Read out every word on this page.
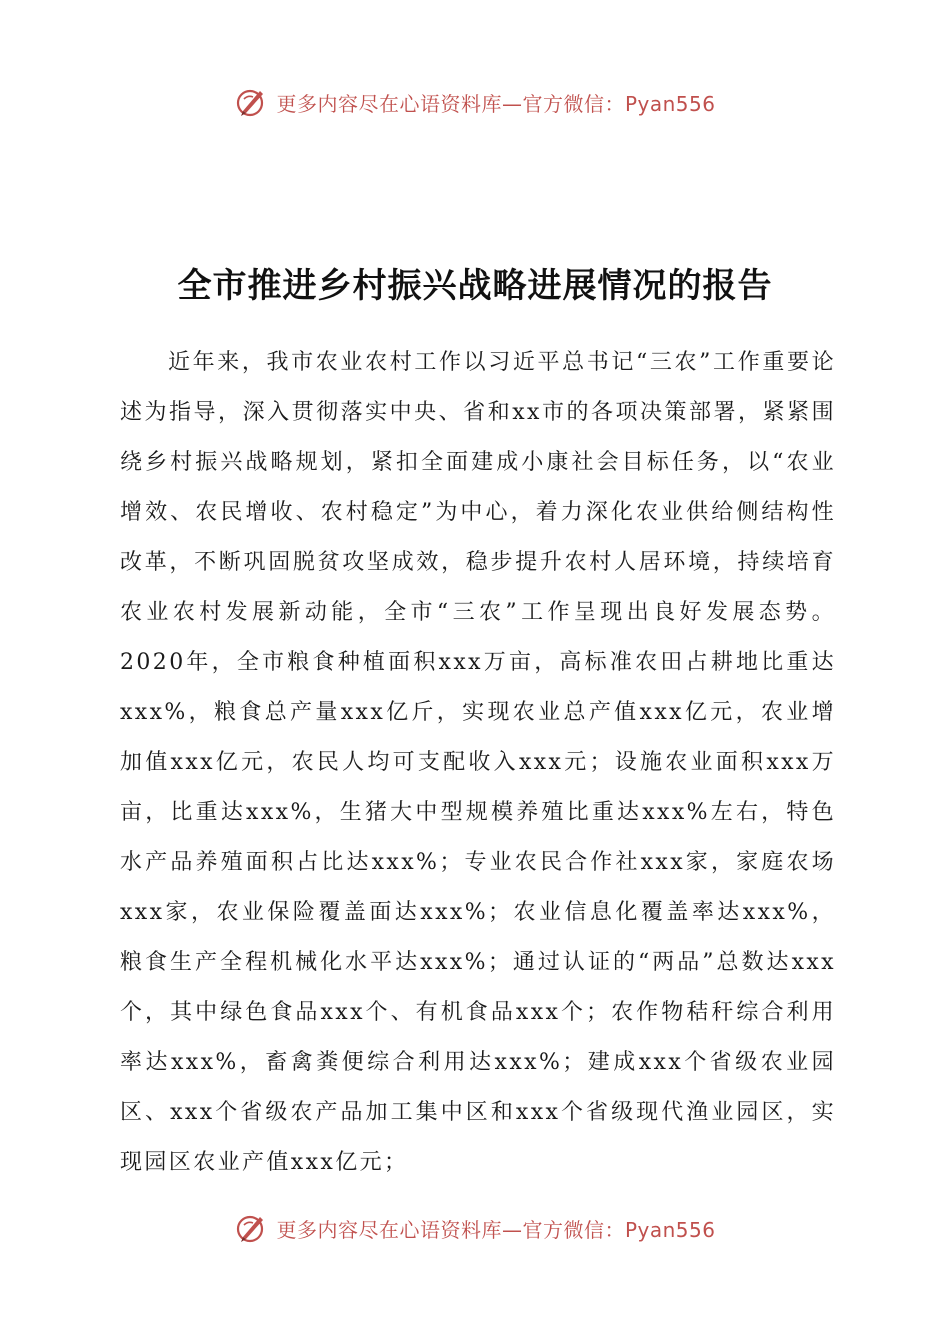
更多内容尽在心语资料库—官方微信：Pyan556
全市推进乡村振兴战略进展情况的报告

近年来，我市农业农村工作以习近平总书记“三农”工作重要论述为指导，深入贯彻落实中央、省和xx市的各项决策部署，紧紧围绕乡村振兴战略规划，紧扣全面建成小康社会目标任务，以“农业增效、农民增收、农村稳定”为中心，着力深化农业供给侧结构性改革，不断巩固脱贫攻坚成效，稳步提升农村人居环境，持续培育农业农村发展新动能，全市“三农”工作呈现出良好发展态势。2020年，全市粮食种植面积xxx万亩，高标准农田占耕地比重达xxx%，粮食总产量xxx亿斤，实现农业总产值xxx亿元，农业增加值xxx亿元，农民人均可支配收入xxx元；设施农业面积xxx万亩，比重达xxx%，生猪大中型规模养殖比重达xxx%左右，特色水产品养殖面积占比达xxx%；专业农民合作社xxx家，家庭农场xxx家，农业保险覆盖面达xxx%；农业信息化覆盖率达xxx%，粮食生产全程机械化水平达xxx%；通过认证的“两品”总数达xxx个，其中绿色食品xxx个、有机食品xxx个；农作物秸秆综合利用率达xxx%，畜禽粪便综合利用达xxx%；建成xxx个省级农业园区、xxx个省级农产品加工集中区和xxx个省级现代渔业园区，实现园区农业产值xxx亿元；

更多内容尽在心语资料库—官方微信：Pyan556
